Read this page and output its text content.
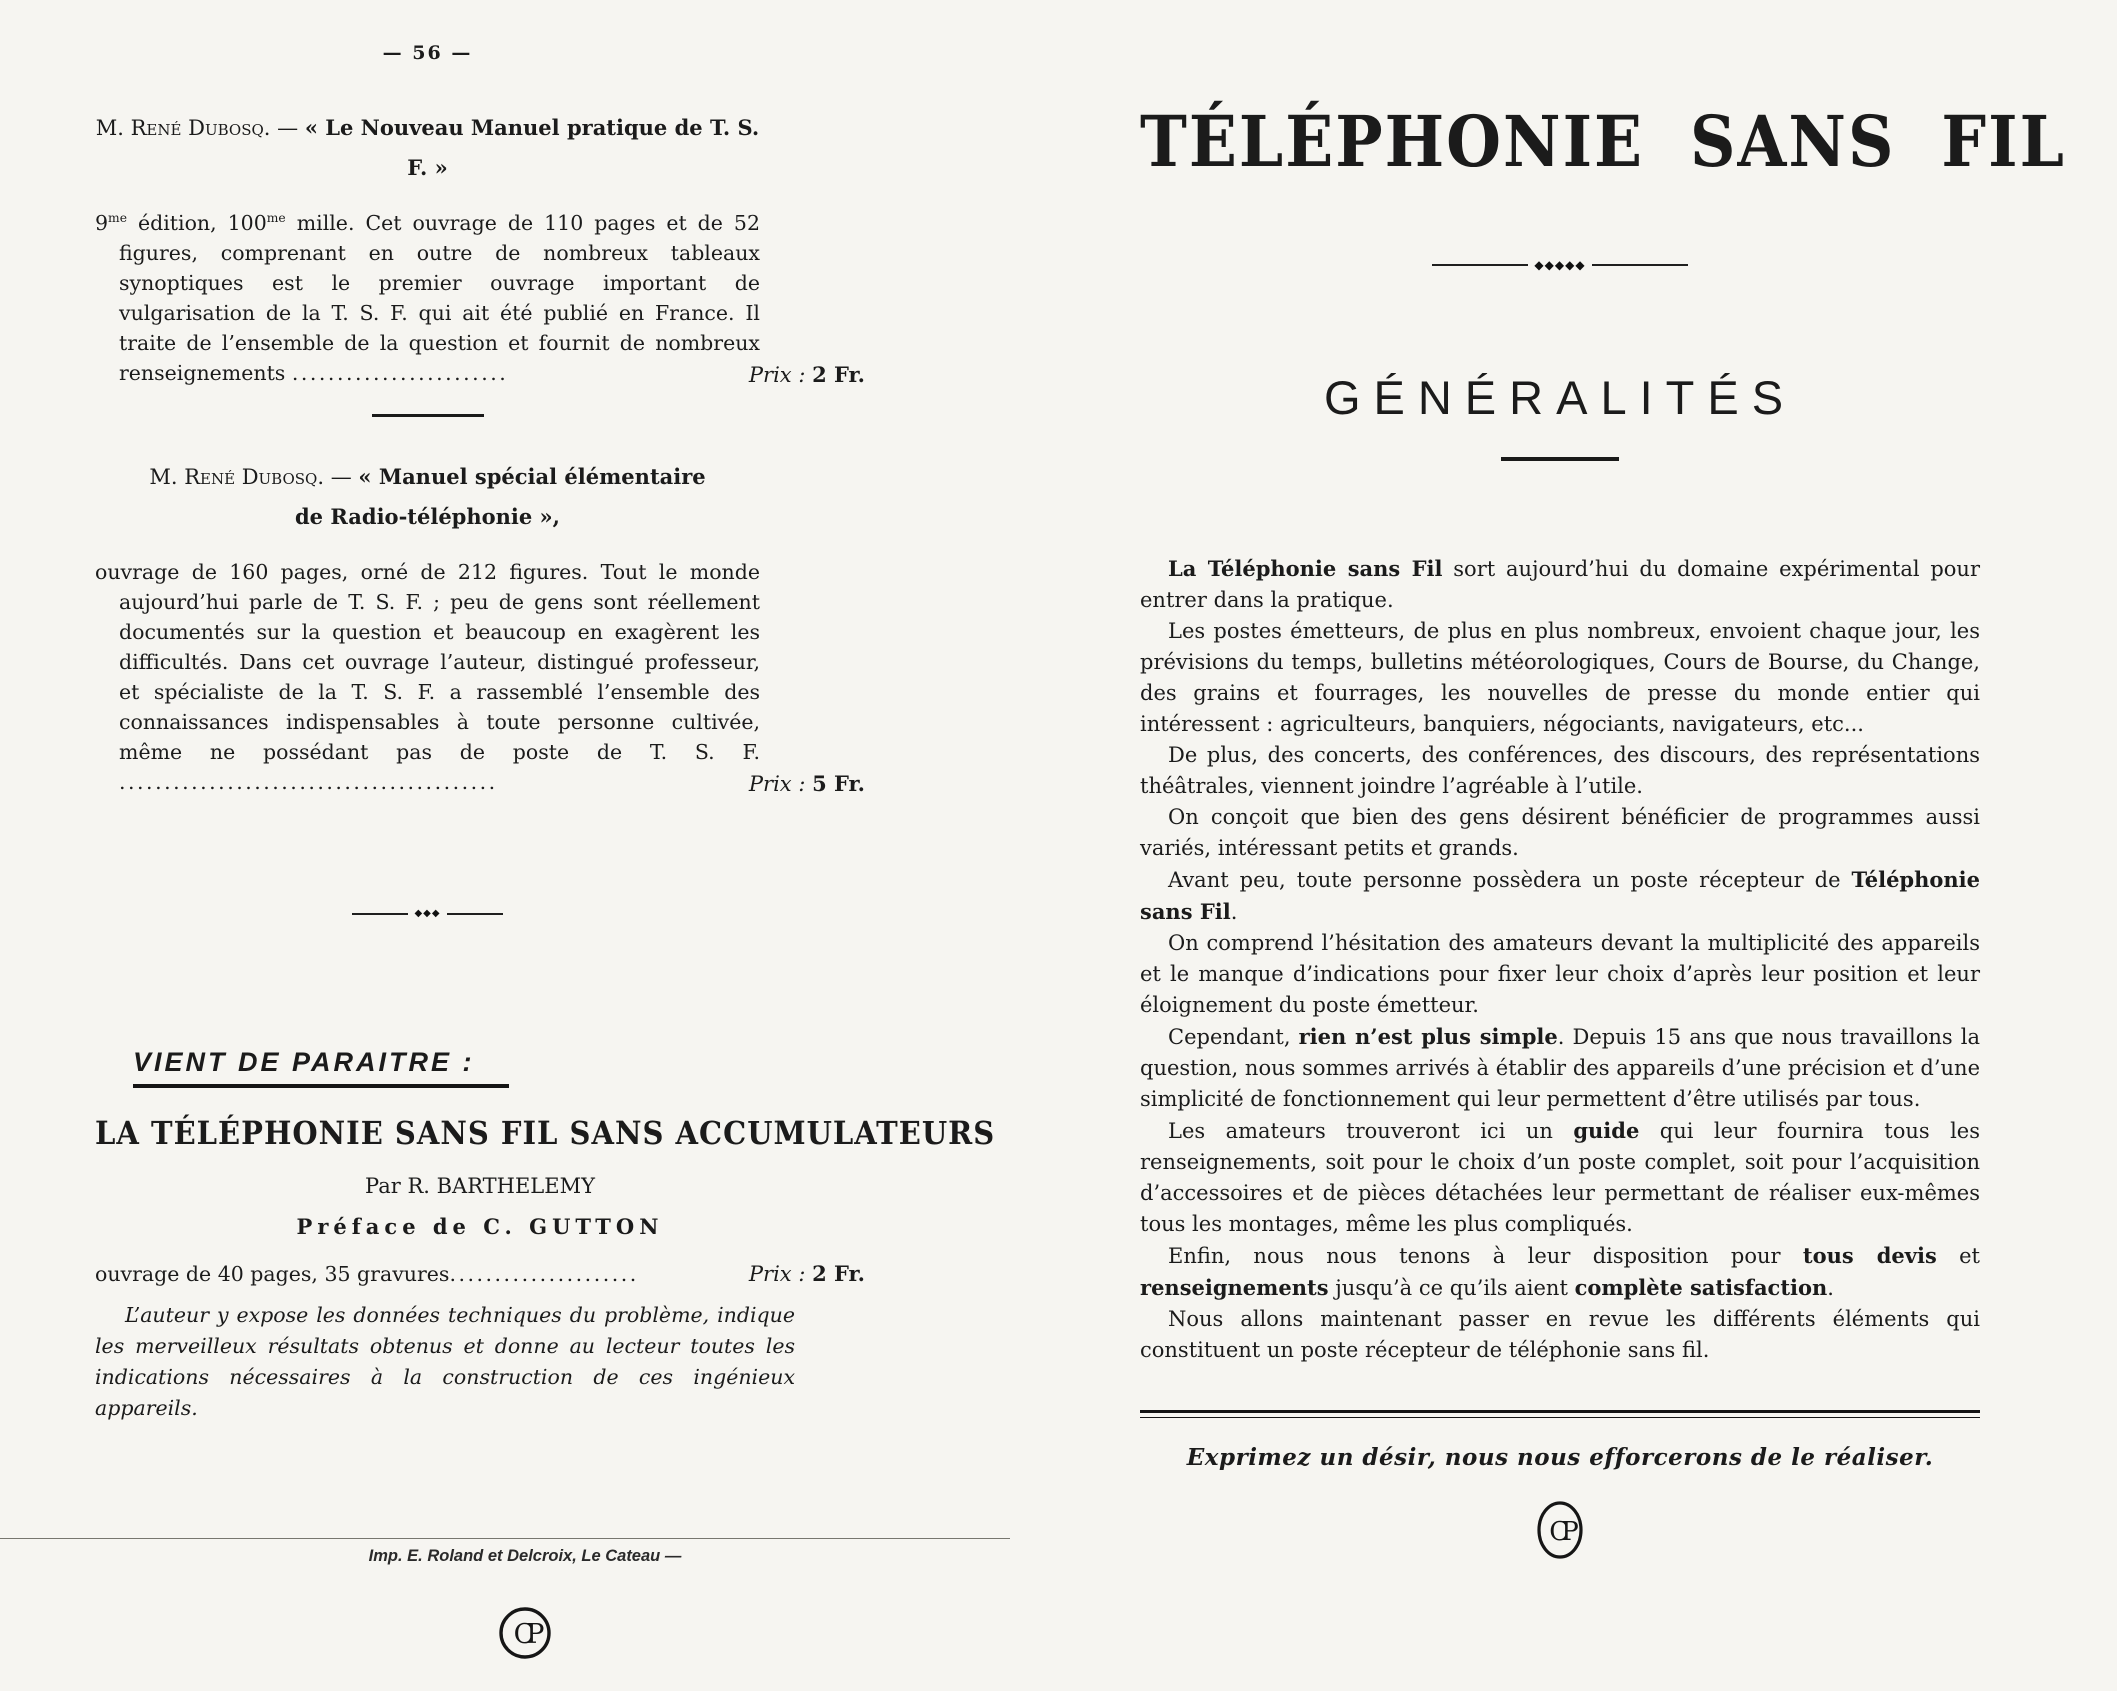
— 56 —
M. René Dubosq. — « Le Nouveau Manuel pratique de T. S. F. »

$9^{me}$ édition, $100^{me}$ mille. Cet ouvrage de 110 pages et de 52 figures, comprenant en outre de nombreux tableaux synoptiques est le premier ouvrage important de vulgarisation de la T. S. F. qui ait été publié en France. Il traite de l’ensemble de la question et fournit de nombreux renseignements ........................	Prix : 2 Fr.
M. René Dubosq. — « Manuel spécial élémentaire de Radio-téléphonie »,

ouvrage de 160 pages, orné de 212 figures. Tout le monde aujourd’hui parle de T. S. F. ; peu de gens sont réellement documentés sur la question et beaucoup en exagèrent les difficultés. Dans cet ouvrage l’auteur, distingué professeur, et spécialiste de la T. S. F. a rassemblé l’ensemble des connaissances indispensables à toute personne cultivée, même ne possédant pas de poste de T. S. F. ..........................................	Prix : 5 Fr.
◆◆◆
VIENT DE PARAITRE :
LA TÉLÉPHONIE SANS FIL SANS ACCUMULATEURS
Par R. BARTHELEMY
Préface de C. GUTTON
ouvrage de 40 pages, 35 gravures .....................	Prix : 2 Fr.

L’auteur y expose les données techniques du problème, indique les merveilleux résultats obtenus et donne au lecteur toutes les indications nécessaires à la construction de ces ingénieux appareils.

Imp. E. Roland et Delcroix, Le Cateau —
CP
TÉLÉPHONIE SANS FIL
◆◆◆◆◆
GÉNÉRALITÉS

La Téléphonie sans Fil sort aujourd’hui du domaine expérimental pour entrer dans la pratique.

Les postes émetteurs, de plus en plus nombreux, envoient chaque jour, les prévisions du temps, bulletins météorologiques, Cours de Bourse, du Change, des grains et fourrages, les nouvelles de presse du monde entier qui intéressent : agriculteurs, banquiers, négociants, navigateurs, etc...

De plus, des concerts, des conférences, des discours, des représentations théâtrales, viennent joindre l’agréable à l’utile.

On conçoit que bien des gens désirent bénéficier de programmes aussi variés, intéressant petits et grands.

Avant peu, toute personne possèdera un poste récepteur de Téléphonie sans Fil.

On comprend l’hésitation des amateurs devant la multiplicité des appareils et le manque d’indications pour fixer leur choix d’après leur position et leur éloignement du poste émetteur.

Cependant, rien n’est plus simple. Depuis 15 ans que nous travaillons la question, nous sommes arrivés à établir des appareils d’une précision et d’une simplicité de fonctionnement qui leur permettent d’être utilisés par tous.

Les amateurs trouveront ici un guide qui leur fournira tous les renseignements, soit pour le choix d’un poste complet, soit pour l’acquisition d’accessoires et de pièces détachées leur permettant de réaliser eux-mêmes tous les montages, même les plus compliqués.

Enfin, nous nous tenons à leur disposition pour tous devis et renseignements jusqu’à ce qu’ils aient complète satisfaction.

Nous allons maintenant passer en revue les différents éléments qui constituent un poste récepteur de téléphonie sans fil.

Exprimez un désir, nous nous efforcerons de le réaliser.
CP
